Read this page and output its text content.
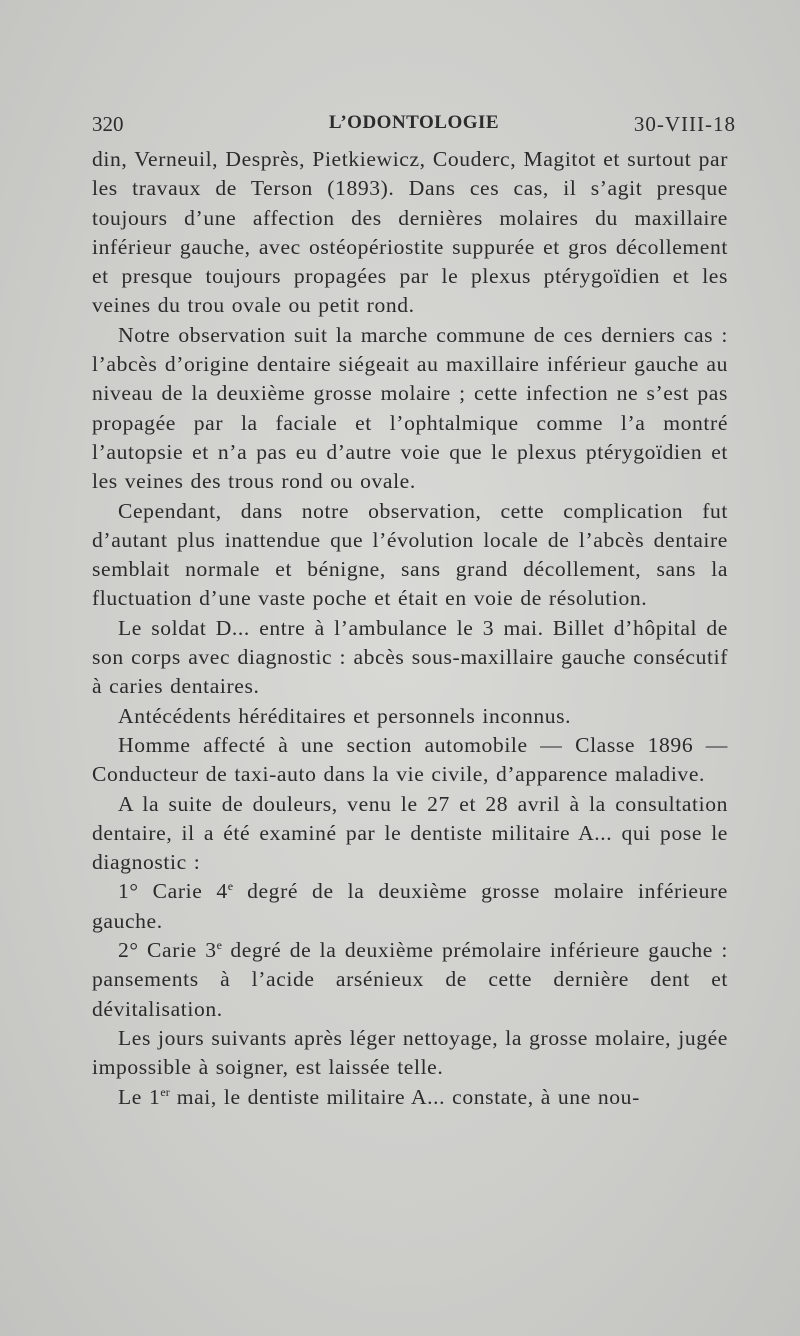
320	L’ODONTOLOGIE	30-VIII-18

din, Verneuil, Desprès, Pietkiewicz, Couderc, Magitot et surtout par les travaux de Terson (1893). Dans ces cas, il s’agit presque toujours d’une affection des dernières molaires du maxillaire inférieur gauche, avec ostéopériostite suppurée et gros décollement et presque toujours propagées par le plexus ptérygoïdien et les veines du trou ovale ou petit rond.

Notre observation suit la marche commune de ces derniers cas : l’abcès d’origine dentaire siégeait au maxillaire inférieur gauche au niveau de la deuxième grosse molaire ; cette infection ne s’est pas propagée par la faciale et l’ophtalmique comme l’a montré l’autopsie et n’a pas eu d’autre voie que le plexus ptérygoïdien et les veines des trous rond ou ovale.

Cependant, dans notre observation, cette complication fut d’autant plus inattendue que l’évolution locale de l’abcès dentaire semblait normale et bénigne, sans grand décollement, sans la fluctuation d’une vaste poche et était en voie de résolution.

Le soldat D... entre à l’ambulance le 3 mai. Billet d’hôpital de son corps avec diagnostic : abcès sous-maxillaire gauche consécutif à caries dentaires.

Antécédents héréditaires et personnels inconnus.

Homme affecté à une section automobile — Classe 1896 — Conducteur de taxi-auto dans la vie civile, d’apparence maladive.

A la suite de douleurs, venu le 27 et 28 avril à la consultation dentaire, il a été examiné par le dentiste militaire A... qui pose le diagnostic :

1° Carie 4e degré de la deuxième grosse molaire inférieure gauche.

2° Carie 3e degré de la deuxième prémolaire inférieure gauche : pansements à l’acide arsénieux de cette dernière dent et dévitalisation.

Les jours suivants après léger nettoyage, la grosse molaire, jugée impossible à soigner, est laissée telle.

Le 1er mai, le dentiste militaire A... constate, à une nou-
